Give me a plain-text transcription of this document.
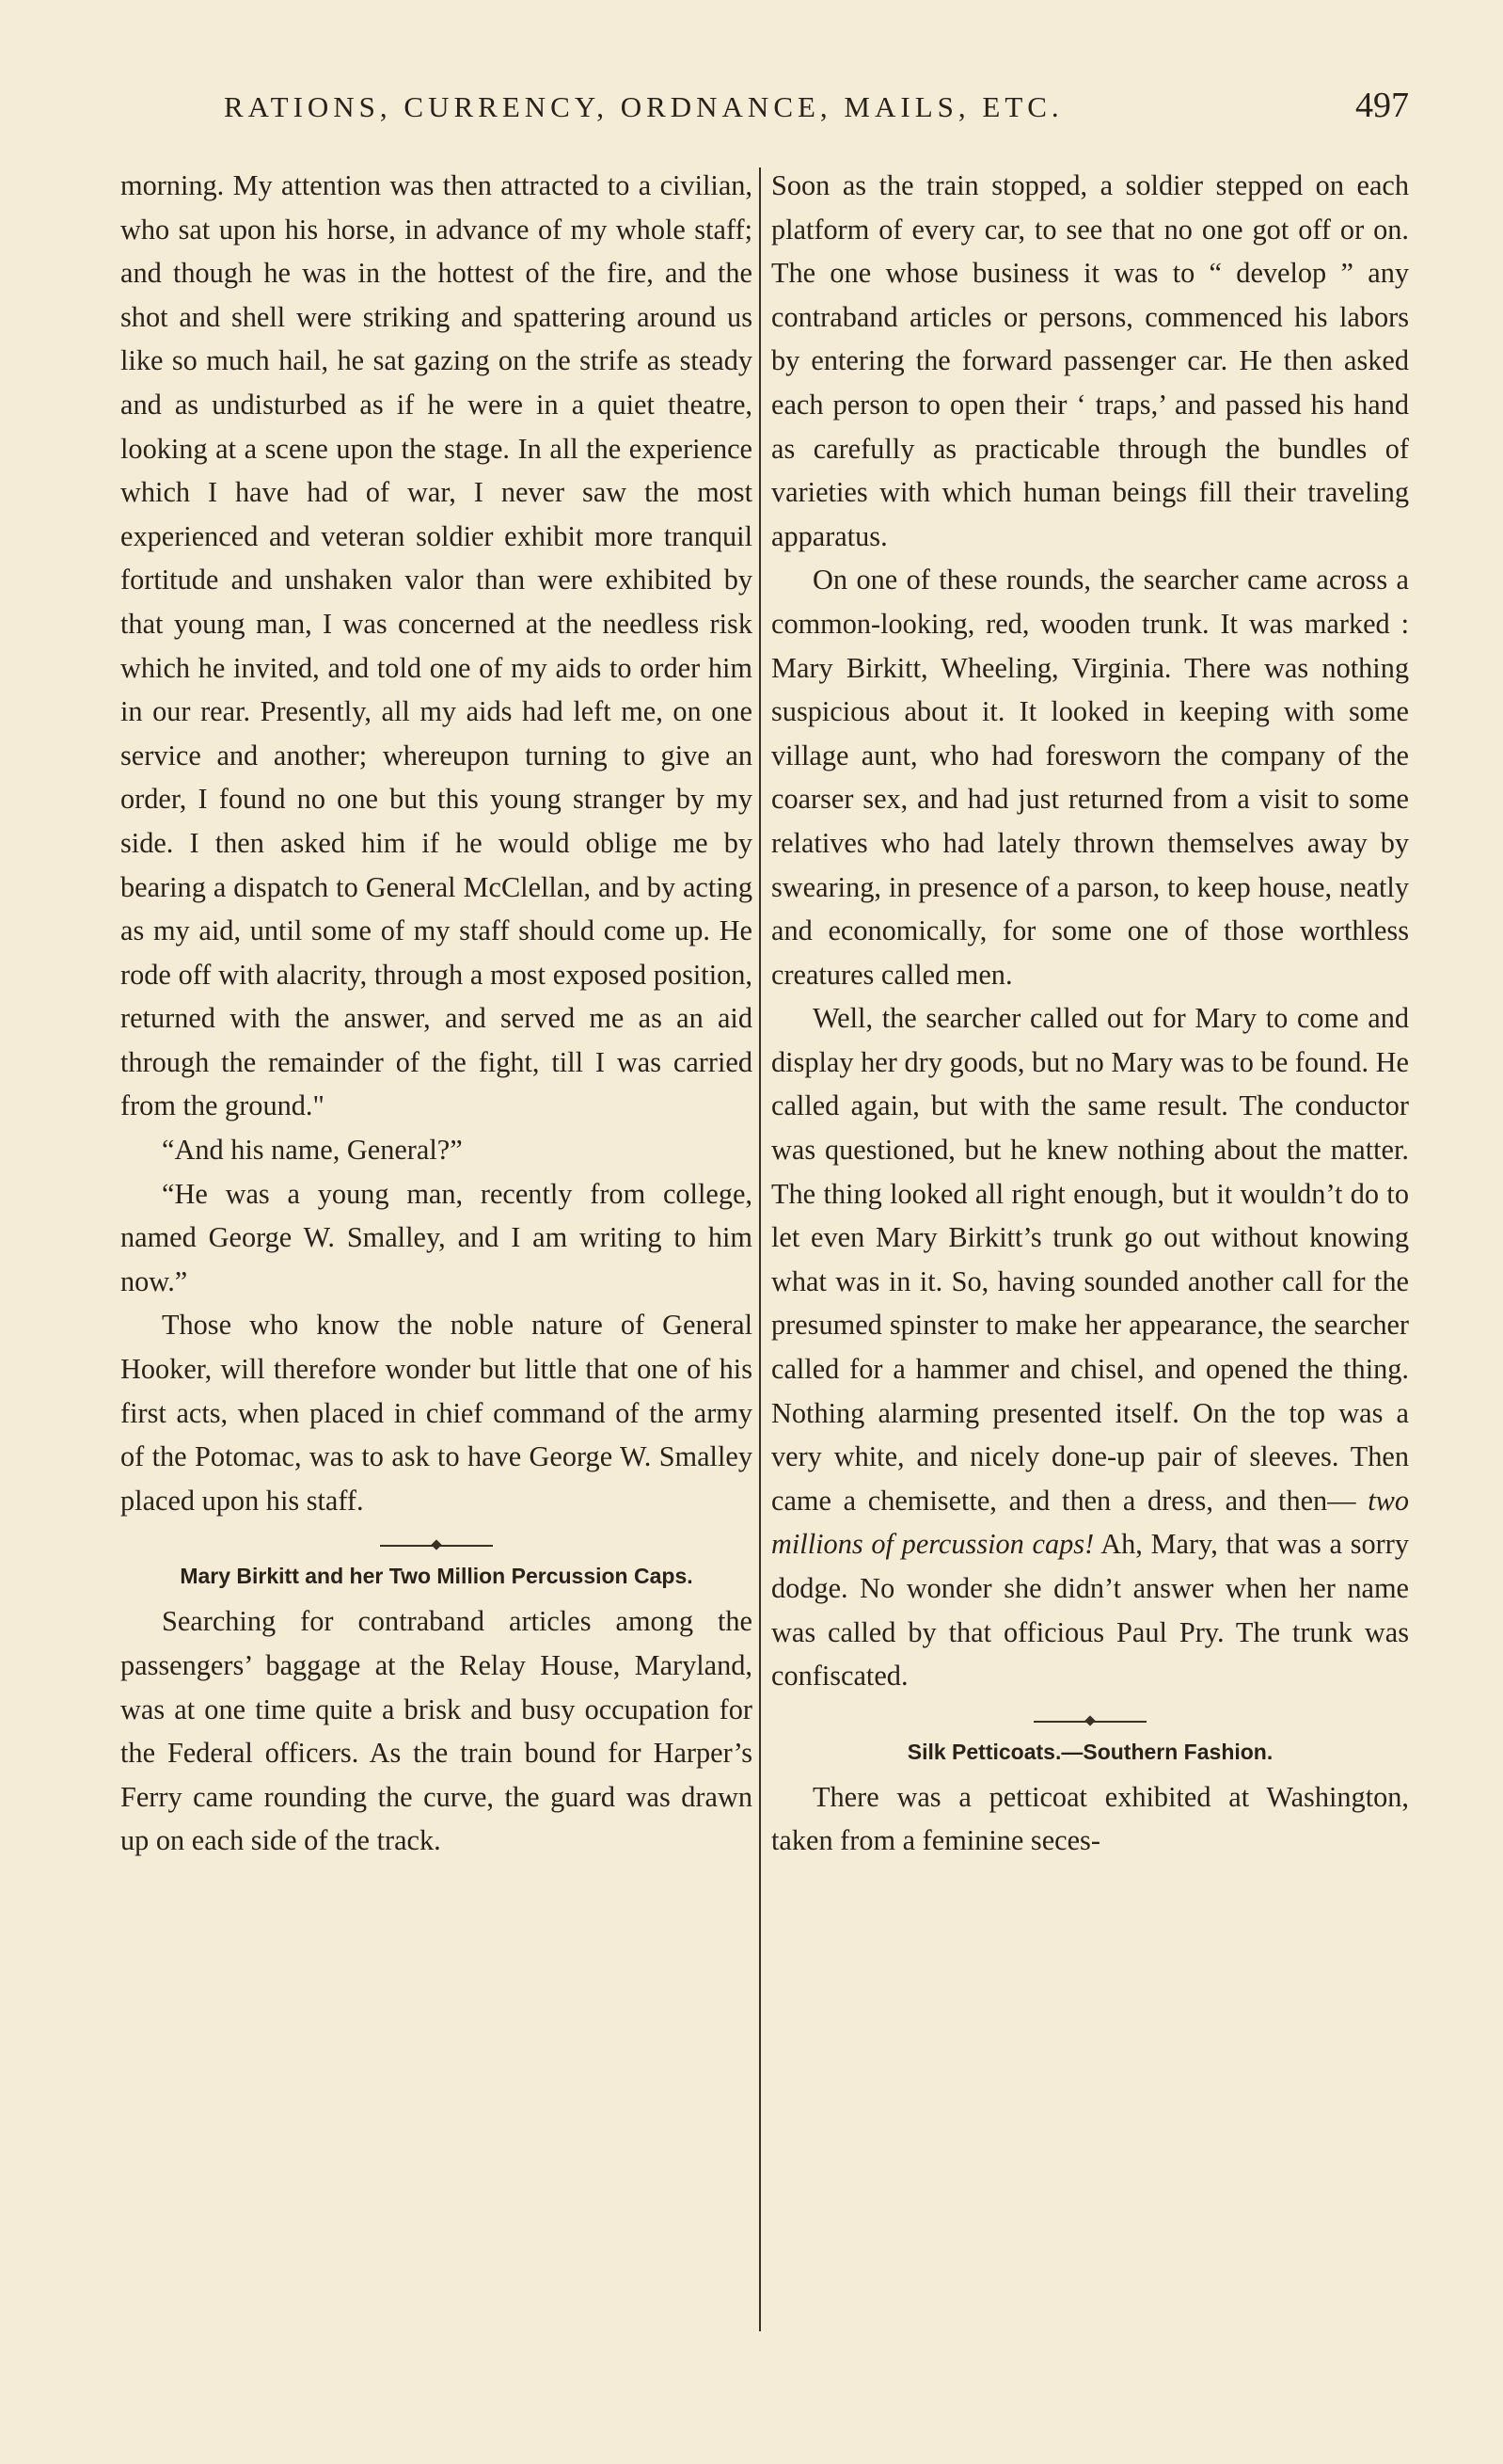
RATIONS, CURRENCY, ORDNANCE, MAILS, ETC.	497

morning. My attention was then attracted to a civilian, who sat upon his horse, in advance of my whole staff; and though he was in the hottest of the fire, and the shot and shell were striking and spattering around us like so much hail, he sat gazing on the strife as steady and as undisturbed as if he were in a quiet theatre, looking at a scene upon the stage. In all the experience which I have had of war, I never saw the most experienced and veteran soldier exhibit more tranquil fortitude and unshaken valor than were exhibited by that young man, I was concerned at the needless risk which he invited, and told one of my aids to order him in our rear. Presently, all my aids had left me, on one service and another; whereupon turning to give an order, I found no one but this young stranger by my side. I then asked him if he would oblige me by bearing a dispatch to General McClellan, and by acting as my aid, until some of my staff should come up. He rode off with alacrity, through a most exposed position, returned with the answer, and served me as an aid through the remainder of the fight, till I was carried from the ground."

“And his name, General?”

“He was a young man, recently from college, named George W. Smalley, and I am writing to him now.”

Those who know the noble nature of General Hooker, will therefore wonder but little that one of his first acts, when placed in chief command of the army of the Potomac, was to ask to have George W. Smalley placed upon his staff.

Mary Birkitt and her Two Million Percussion Caps.

Searching for contraband articles among the passengers’ baggage at the Relay House, Maryland, was at one time quite a brisk and busy occupation for the Federal officers. As the train bound for Harper’s Ferry came rounding the curve, the guard was drawn up on each side of the track.

Soon as the train stopped, a soldier stepped on each platform of every car, to see that no one got off or on. The one whose business it was to “ develop ” any contraband articles or persons, commenced his labors by entering the forward passenger car. He then asked each person to open their ‘ traps,’ and passed his hand as carefully as practicable through the bundles of varieties with which human beings fill their traveling apparatus.

On one of these rounds, the searcher came across a common-looking, red, wooden trunk. It was marked : Mary Birkitt, Wheeling, Virginia. There was nothing suspicious about it. It looked in keeping with some village aunt, who had foresworn the company of the coarser sex, and had just returned from a visit to some relatives who had lately thrown themselves away by swearing, in presence of a parson, to keep house, neatly and economically, for some one of those worthless creatures called men.

Well, the searcher called out for Mary to come and display her dry goods, but no Mary was to be found. He called again, but with the same result. The conductor was questioned, but he knew nothing about the matter. The thing looked all right enough, but it wouldn’t do to let even Mary Birkitt’s trunk go out without knowing what was in it. So, having sounded another call for the presumed spinster to make her appearance, the searcher called for a hammer and chisel, and opened the thing. Nothing alarming presented itself. On the top was a very white, and nicely done-up pair of sleeves. Then came a chemisette, and then a dress, and then— two millions of percussion caps! Ah, Mary, that was a sorry dodge. No wonder she didn’t answer when her name was called by that officious Paul Pry. The trunk was confiscated.

Silk Petticoats.—Southern Fashion.

There was a petticoat exhibited at Washington, taken from a feminine seces-
